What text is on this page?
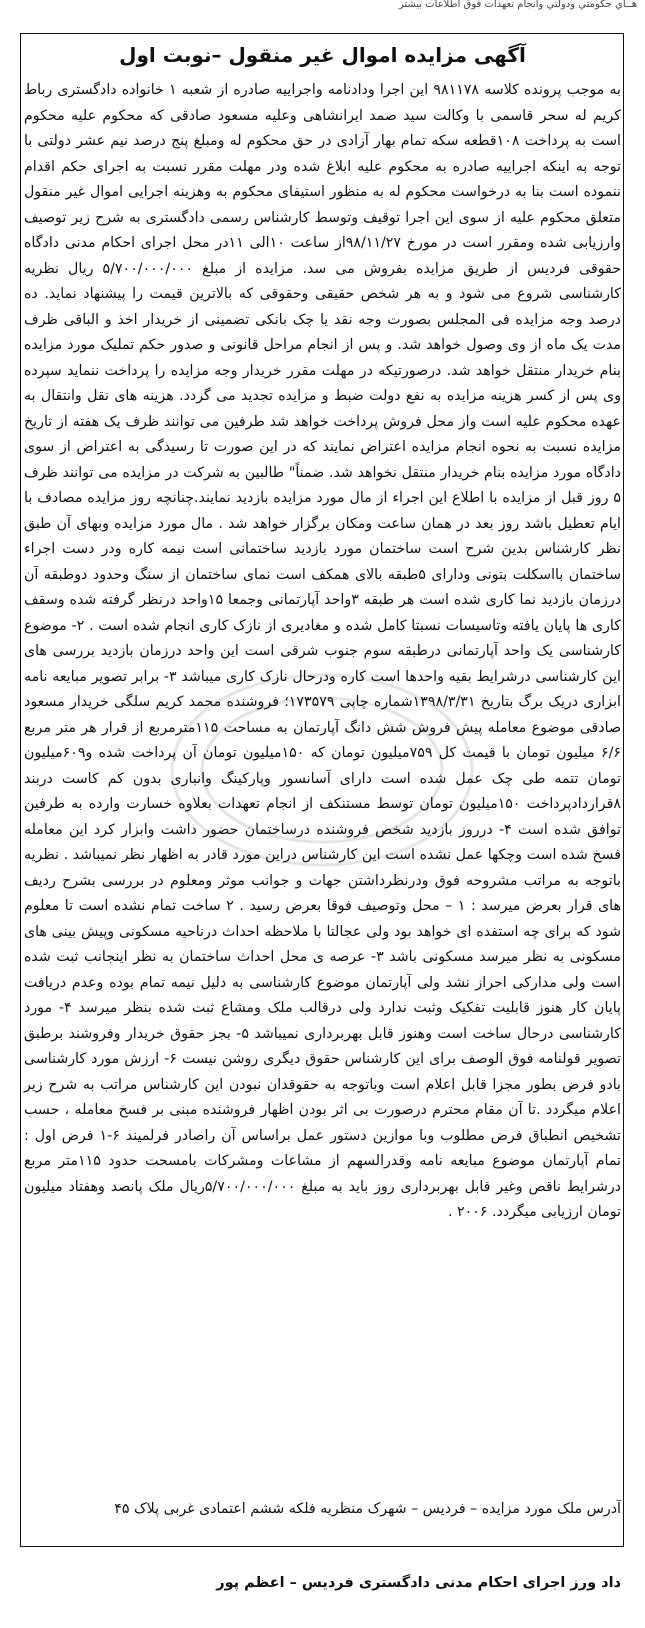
هــاي حكومتي ودولتي وانجام تعهدات فوق اطلاعات بيشتر
آگهی مزایده اموال غیر منقول –نوبت اول
به موجب پرونده کلاسه ۹۸۱۱۷۸ این اجرا ودادنامه واجراییه صادره از شعبه ۱ خانواده دادگستری رباط کریم له سحر قاسمی با وکالت سید صمد ایرانشاهی وعلیه مسعود صادقی که محکوم علیه محکوم است به پرداخت ۱۰۸قطعه سکه تمام بهار آزادی در حق محکوم له ومبلغ پنج درصد نیم عشر دولتی با توجه به اینکه اجراییه صادره به محکوم علیه ابلاغ شده ودر مهلت مقرر نسبت به اجرای حکم اقدام ننموده است بنا به درخواست محکوم له به منظور استیفای محکوم به وهزینه اجرایی اموال غیر منقول متعلق محکوم علیه از سوی این اجرا توقیف وتوسط کارشناس رسمی دادگستری به شرح زیر توصیف وارزیابی شده ومقرر است در مورخ ۹۸/۱۱/۲۷از ساعت ۱۰الی ۱۱در محل اجرای احکام مدنی دادگاه حقوقی فردیس از طریق مزایده بفروش می سد. مزایده از مبلغ ۵/۷۰۰/۰۰۰/۰۰۰ ریال نظریه کارشناسی شروع می شود و به هر شخص حقیقی وحقوقی که بالاترین قیمت را پیشنهاد نماید. ده درصد وجه مزایده فی المجلس بصورت وجه نقد یا چک بانکی تضمینی از خریدار اخذ و الباقی ظرف مدت یک ماه از وی وصول خواهد شد. و پس از انجام مراحل قانونی و صدور حکم تملیک مورد مزایده بنام خریدار منتقل خواهد شد. درصورتیکه در مهلت مقرر خریدار وجه مزایده را پرداخت ننماید سپرده وی پس از کسر هزینه مزایده به نفع دولت ضبط و مزایده تجدید می گردد. هزینه های نقل وانتقال به عهده محکوم علیه است واز محل فروش پرداخت خواهد شد طرفین می توانند ظرف یک هفته از تاریخ مزایده نسبت به نحوه انجام مزایده اعتراض نمایند که در این صورت تا رسیدگی به اعتراض از سوی دادگاه مورد مزایده بنام خریدار منتقل نخواهد شد. ضمناً" طالبین به شرکت در مزایده می توانند ظرف ۵ روز قبل از مزایده با اطلاع این اجراء از مال مورد مزایده بازدید نمایند.چنانچه روز مزایده مصادف با ایام تعطیل باشد روز بعد در همان ساعت ومکان برگزار خواهد شد . مال مورد مزایده وبهای آن طبق نظر کارشناس بدین شرح است ساختمان مورد بازدید ساختمانی است نیمه کاره ودر دست اجراء ساختمان بااسکلت بتونی ودارای ۵طبقه بالای همکف است نمای ساختمان از سنگ وحدود دوطبقه آن درزمان بازدید نما کاری شده است هر طبقه ۳واحد آپارتمانی وجمعا ۱۵واحد درنظر گرفته شده وسقف کاری ها پایان یافته وتاسیسات نسبتا کامل شده و مغادیری از نازک کاری انجام شده است . ۲- موضوع کارشناسی یک واحد آپارتمانی درطبقه سوم جنوب شرقی است این واحد درزمان بازدید بررسی های این کارشناسی درشرایط بقیه واحدها است کاره ودرحال نازک کاری میباشد ۳- برابر تصویر مبایعه نامه ابزاری دریک برگ بتاریخ ۱۳۹۸/۳/۳۱شماره چاپی ۱۷۳۵۷۹؛ فروشنده محمد کریم سلگی خریدار مسعود صادقی موضوع معامله پیش فروش شش دانگ آپارتمان به مساحت ۱۱۵مترمربع از قرار هر متر مربع ۶/۶ میلیون تومان با قیمت کل ۷۵۹میلیون تومان که ۱۵۰میلیون تومان آن پرداخت شده و۶۰۹میلیون تومان تتمه طی چک عمل شده است دارای آسانسور وپارکینگ وانباری بدون کم کاست دربند ۸قراردادپرداخت ۱۵۰میلیون تومان توسط مستنکف از انجام تعهدات بعلاوه خسارت وارده به طرفین توافق شده است ۴- درروز بازدید شخص فروشنده درساختمان حضور داشت وابزار کرد این معامله فسخ شده است وچکها عمل نشده است این کارشناس دراین مورد قادر به اظهار نظر نمیباشد . نظریه باتوجه به مراتب مشروحه فوق ودرنظرداشتن جهات و جوانب موثر ومعلوم در بررسی بشرح ردیف های قرار بعرض میرسد : ۱ – محل وتوصیف فوقا بعرض رسید . ۲ ساخت تمام نشده است تا معلوم شود که برای چه استفده ای خواهد بود ولی عجالتا با ملاحظه احداث درناحیه مسکونی وپیش بینی های مسکونی به نظر میرسد مسکونی باشد ۳- عرصه ی محل احداث ساختمان به نظر اینجانب ثبت شده است ولی مدارکی احراز نشد ولی آپارتمان موضوع کارشناسی به دلیل نیمه تمام بوده وعدم دریافت پایان کار هنوز قابلیت تفکیک وثبت ندارد ولی درقالب ملک ومشاع ثبت شده بنظر میرسد ۴- مورد کارشناسی درحال ساخت است وهنوز قابل بهربرداری نمیباشد ۵- بجز حقوق خریدار وفروشند برطبق تصویر قولنامه فوق الوصف برای این کارشناس حقوق دیگری روشن نیست ۶- ارزش مورد کارشناسی بادو فرض بطور مجزا قابل اعلام است وباتوجه به حقوقدان نبودن این کارشناس مراتب به شرح زیر اعلام میگردد .تا آن مقام محترم درصورت بی اثر بودن اظهار فروشنده مبنی بر فسخ معامله ، حسب تشخیص انطباق فرض مطلوب وبا موازین دستور عمل براساس آن راصادر فرلمیند ۶-۱ فرض اول : تمام آپارتمان موضوع مبایعه نامه وقدرالسهم از مشاعات ومشرکات بامسحت حدود ۱۱۵متر مربع درشرایط ناقص وغیر قابل بهربرداری روز باید به مبلغ ۵/۷۰۰/۰۰۰/۰۰۰ریال ملک پانصد وهفتاد میلیون تومان ارزیابی میگردد. ۲۰۰۶ .
آدرس ملک مورد مزایده – فردیس – شهرک منظریه فلکه ششم اعتمادی غربی پلاک ۴۵
داد ورز اجرای احکام مدنی دادگستری فردیس – اعظم پور
